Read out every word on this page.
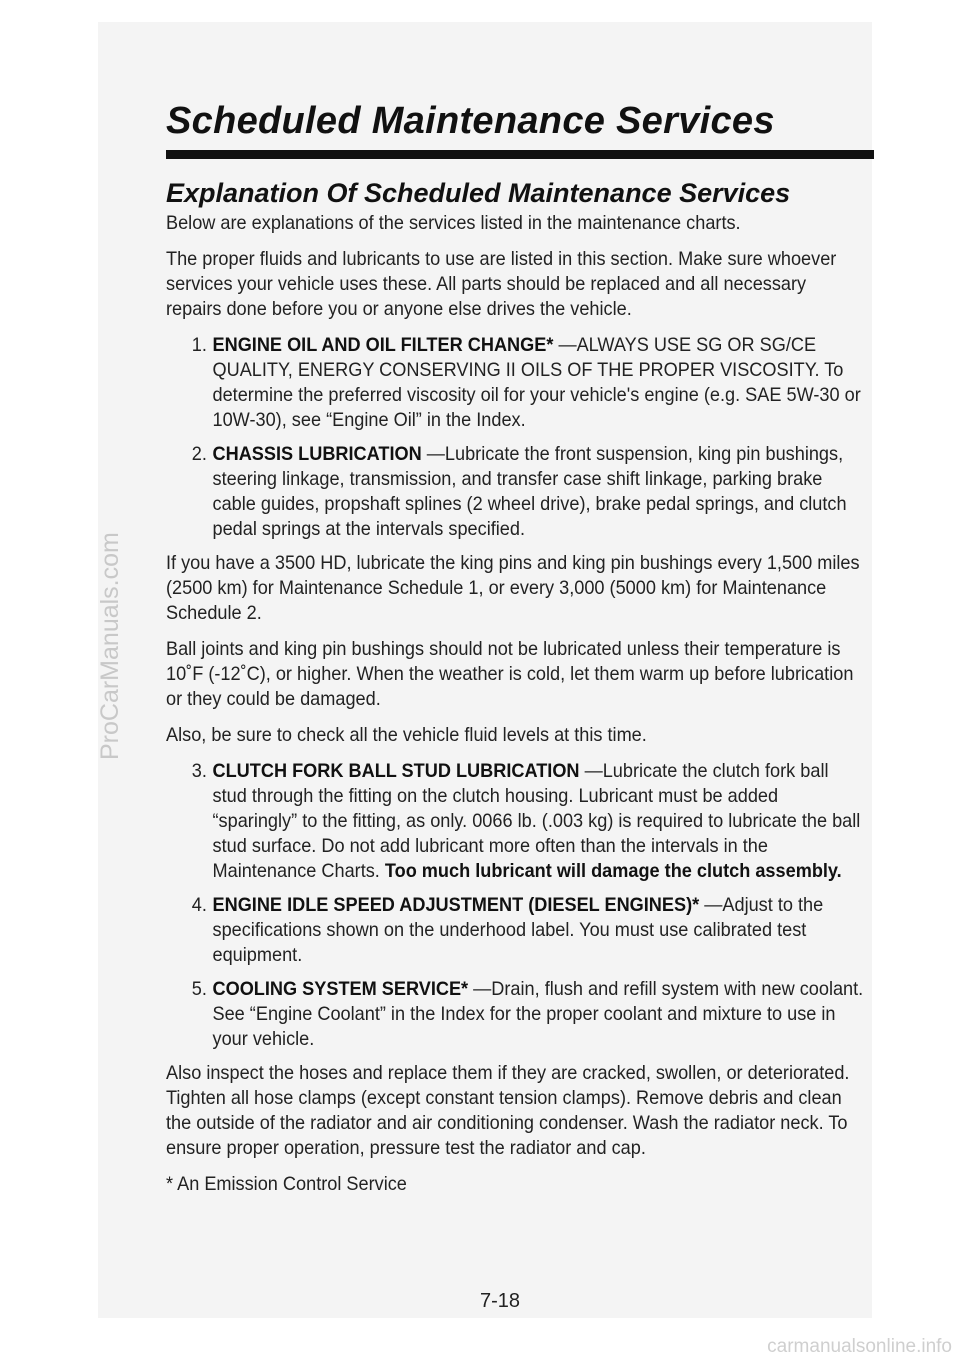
ProCarManuals.com
Scheduled Maintenance Services
Explanation Of Scheduled Maintenance Services

Below are explanations of the services listed in the maintenance charts.

The proper fluids and lubricants to use are listed in this section. Make sure whoever services your vehicle uses these. All parts should be replaced and all necessary repairs done before you or anyone else drives the vehicle.

1. ENGINE OIL AND OIL FILTER CHANGE* —ALWAYS USE SG OR SG/CE QUALITY, ENERGY CONSERVING II OILS OF THE PROPER VISCOSITY. To determine the preferred viscosity oil for your vehicle's engine (e.g. SAE 5W-30 or 10W-30), see “Engine Oil” in the Index.
2. CHASSIS LUBRICATION —Lubricate the front suspension, king pin bushings, steering linkage, transmission, and transfer case shift linkage, parking brake cable guides, propshaft splines (2 wheel drive), brake pedal springs, and clutch pedal springs at the intervals specified.

If you have a 3500 HD, lubricate the king pins and king pin bushings every 1,500 miles (2500 km) for Maintenance Schedule 1, or every 3,000 (5000 km) for Maintenance Schedule 2.

Ball joints and king pin bushings should not be lubricated unless their temperature is 10˚F (-12˚C), or higher. When the weather is cold, let them warm up before lubrication or they could be damaged.

Also, be sure to check all the vehicle fluid levels at this time.

3. CLUTCH FORK BALL STUD LUBRICATION —Lubricate the clutch fork ball stud through the fitting on the clutch housing. Lubricant must be added “sparingly” to the fitting, as only. 0066 lb. (.003 kg) is required to lubricate the ball stud surface. Do not add lubricant more often than the intervals in the Maintenance Charts. Too much lubricant will damage the clutch assembly.
4. ENGINE IDLE SPEED ADJUSTMENT (DIESEL ENGINES)* —Adjust to the specifications shown on the underhood label. You must use calibrated test equipment.
5. COOLING SYSTEM SERVICE* —Drain, flush and refill system with new coolant. See “Engine Coolant” in the Index for the proper coolant and mixture to use in your vehicle.

Also inspect the hoses and replace them if they are cracked, swollen, or deteriorated. Tighten all hose clamps (except constant tension clamps). Remove debris and clean the outside of the radiator and air conditioning condenser. Wash the radiator neck. To ensure proper operation, pressure test the radiator and cap.

* An Emission Control Service

7-18
carmanualsonline.info
